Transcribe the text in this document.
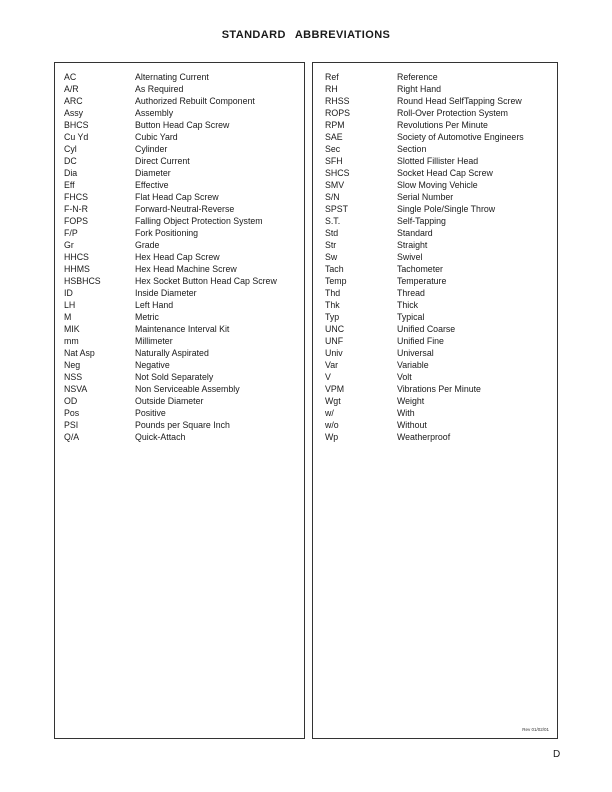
STANDARD ABBREVIATIONS
AC	Alternating Current
A/R	As Required
ARC	Authorized Rebuilt Component
Assy	Assembly
BHCS	Button Head Cap Screw
Cu Yd	Cubic Yard
Cyl	Cylinder
DC	Direct Current
Dia	Diameter
Eff	Effective
FHCS	Flat Head Cap Screw
F-N-R	Forward-Neutral-Reverse
FOPS	Falling Object Protection System
F/P	Fork Positioning
Gr	Grade
HHCS	Hex Head Cap Screw
HHMS	Hex Head Machine Screw
HSBHCS	Hex Socket Button Head Cap Screw
ID	Inside Diameter
LH	Left Hand
M	Metric
MIK	Maintenance Interval Kit
mm	Millimeter
Nat Asp	Naturally Aspirated
Neg	Negative
NSS	Not Sold Separately
NSVA	Non Serviceable Assembly
OD	Outside Diameter
Pos	Positive
PSI	Pounds per Square Inch
Q/A	Quick-Attach
Ref	Reference
RH	Right Hand
RHSS	Round Head SelfTapping Screw
ROPS	Roll-Over Protection System
RPM	Revolutions Per Minute
SAE	Society of Automotive Engineers
Sec	Section
SFH	Slotted Fillister Head
SHCS	Socket Head Cap Screw
SMV	Slow Moving Vehicle
S/N	Serial Number
SPST	Single Pole/Single Throw
S.T.	Self-Tapping
Std	Standard
Str	Straight
Sw	Swivel
Tach	Tachometer
Temp	Temperature
Thd	Thread
Thk	Thick
Typ	Typical
UNC	Unified Coarse
UNF	Unified Fine
Univ	Universal
Var	Variable
V	Volt
VPM	Vibrations Per Minute
Wgt	Weight
w/	With
w/o	Without
Wp	Weatherproof
Rev 01/02/01
D
